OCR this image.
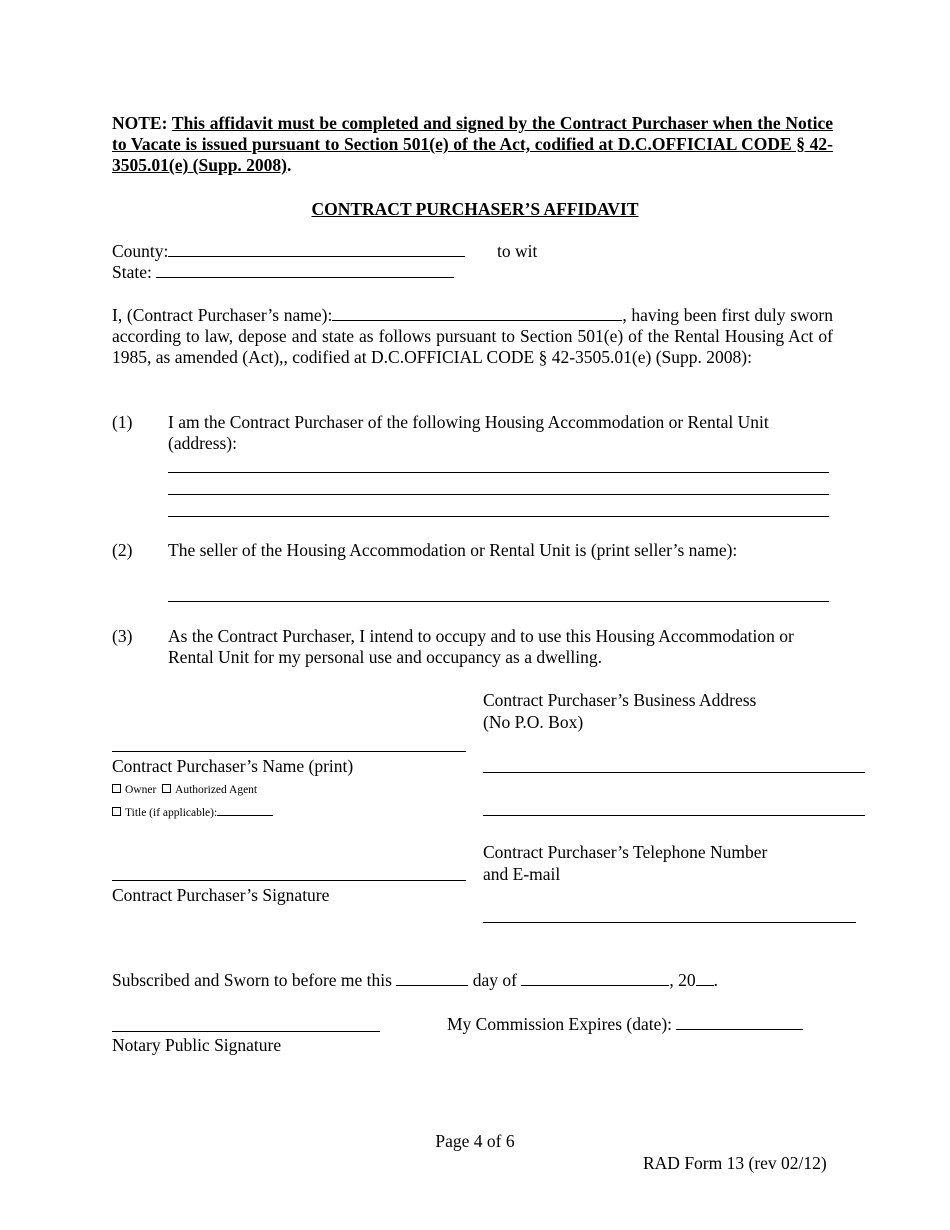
NOTE: This affidavit must be completed and signed by the Contract Purchaser when the Notice to Vacate is issued pursuant to Section 501(e) of the Act, codified at D.C.OFFICIAL CODE § 42-3505.01(e) (Supp. 2008).
CONTRACT PURCHASER’S AFFIDAVIT
County:	to wit
State:
I, (Contract Purchaser’s name):	, having been first duly sworn according to law, depose and state as follows pursuant to Section 501(e) of the Rental Housing Act of 1985, as amended (Act),, codified at D.C.OFFICIAL CODE § 42-3505.01(e) (Supp. 2008):
(1) I am the Contract Purchaser of the following Housing Accommodation or Rental Unit (address):
(2) The seller of the Housing Accommodation or Rental Unit is (print seller’s name):
(3) As the Contract Purchaser, I intend to occupy and to use this Housing Accommodation or Rental Unit for my personal use and occupancy as a dwelling.
Contract Purchaser’s Business Address
(No P.O. Box)
Contract Purchaser’s Name (print)
Owner Authorized Agent
Title (if applicable):
Contract Purchaser’s Telephone Number
and E-mail
Contract Purchaser’s Signature
Subscribed and Sworn to before me this	day of	, 20 .
My Commission Expires (date):
Notary Public Signature
Page 4 of 6
RAD Form 13 (rev 02/12)
